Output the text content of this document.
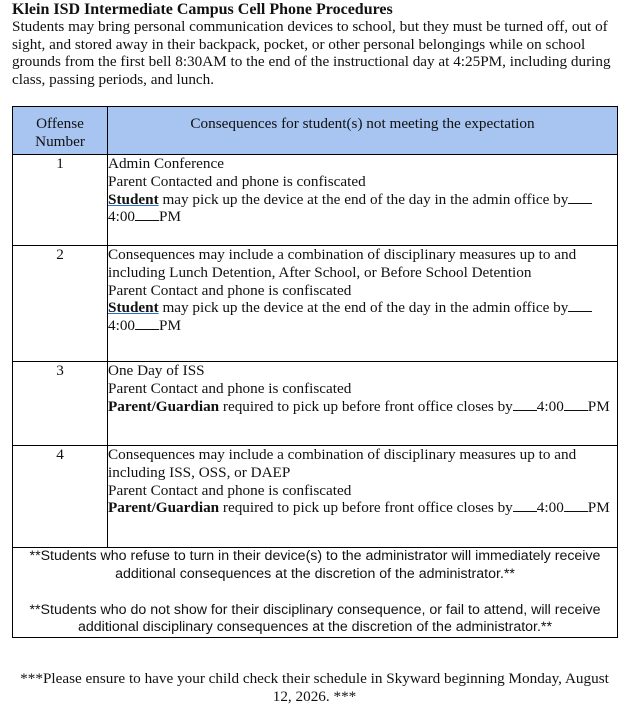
Klein ISD Intermediate Campus Cell Phone Procedures
Students may bring personal communication devices to school, but they must be turned off, out of sight, and stored away in their backpack, pocket, or other personal belongings while on school grounds from the first bell 8:30AM to the end of the instructional day at 4:25PM, including during class, passing periods, and lunch.
Offense Number	Consequences for student(s) not meeting the expectation

1	Admin Conference
Parent Contacted and phone is confiscated
Student may pick up the device at the end of the day in the admin office by4:00 PM

2	Consequences may include a combination of disciplinary measures up to and including Lunch Detention, After School, or Before School Detention
Parent Contact and phone is confiscated
Student may pick up the device at the end of the day in the admin office by4:00 PM

3	One Day of ISS
Parent Contact and phone is confiscated
Parent/Guardian required to pick up before front office closes by 4:00 PM

4	Consequences may include a combination of disciplinary measures up to and including ISS, OSS, or DAEP
Parent Contact and phone is confiscated
Parent/Guardian required to pick up before front office closes by 4:00 PM

**Students who refuse to turn in their device(s) to the administrator will immediately receive additional consequences at the discretion of the administrator.**
**Students who do not show for their disciplinary consequence, or fail to attend, will receive additional disciplinary consequences at the discretion of the administrator.**	
***Please ensure to have your child check their schedule in Skyward beginning Monday, August 12, 2026. ***
